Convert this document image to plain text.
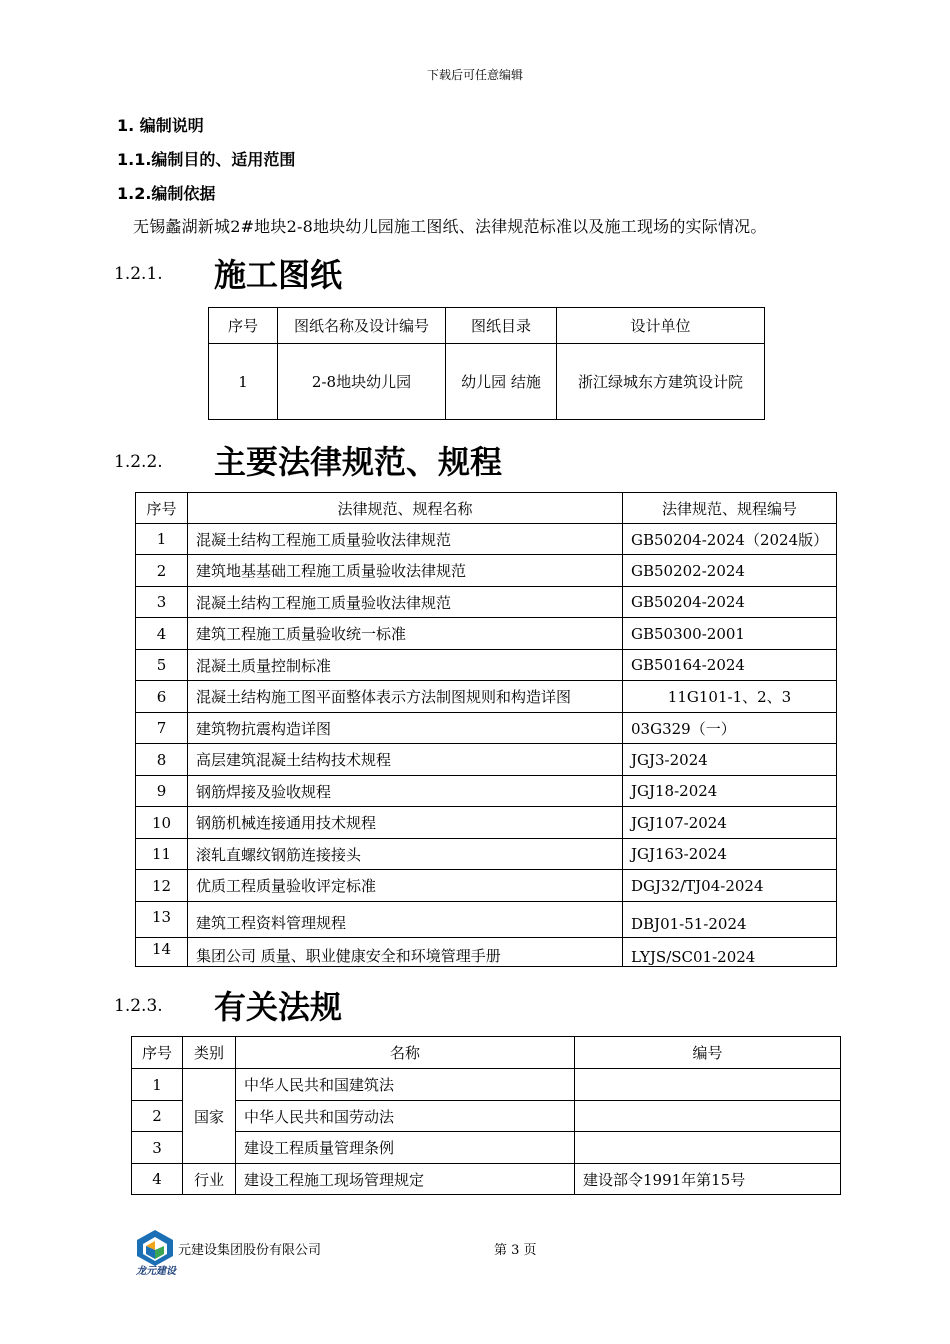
下载后可任意编辑
1. 编制说明
1.1.编制目的、适用范围
1.2.编制依据
无锡蠡湖新城2#地块2-8地块幼儿园施工图纸、法律规范标准以及施工现场的实际情况。
1.2.1. 施工图纸
序号	图纸名称及设计编号	图纸目录	设计单位
1	2-8地块幼儿园	幼儿园 结施	浙江绿城东方建筑设计院
1.2.2. 主要法律规范、规程
序号	法律规范、规程名称	法律规范、规程编号
1	混凝土结构工程施工质量验收法律规范	GB50204-2024（2024版）
2	建筑地基基础工程施工质量验收法律规范	GB50202-2024
3	混凝土结构工程施工质量验收法律规范	GB50204-2024
4	建筑工程施工质量验收统一标准	GB50300-2001
5	混凝土质量控制标准	GB50164-2024
6	混凝土结构施工图平面整体表示方法制图规则和构造详图	11G101-1、2、3
7	建筑物抗震构造详图	03G329（一）
8	高层建筑混凝土结构技术规程	JGJ3-2024
9	钢筋焊接及验收规程	JGJ18-2024
10	钢筋机械连接通用技术规程	JGJ107-2024
11	滚轧直螺纹钢筋连接接头	JGJ163-2024
12	优质工程质量验收评定标准	DGJ32/TJ04-2024
13	建筑工程资料管理规程	DBJ01-51-2024
14	集团公司 质量、职业健康安全和环境管理手册	LYJS/SC01-2024
1.2.3. 有关法规
序号	类别	名称	编号
1	国家	中华人民共和国建筑法	
2		中华人民共和国劳动法	
3		建设工程质量管理条例	
4	行业	建设工程施工现场管理规定	建设部令1991年第15号
龙元建设
元建设集团股份有限公司	第 3 页
